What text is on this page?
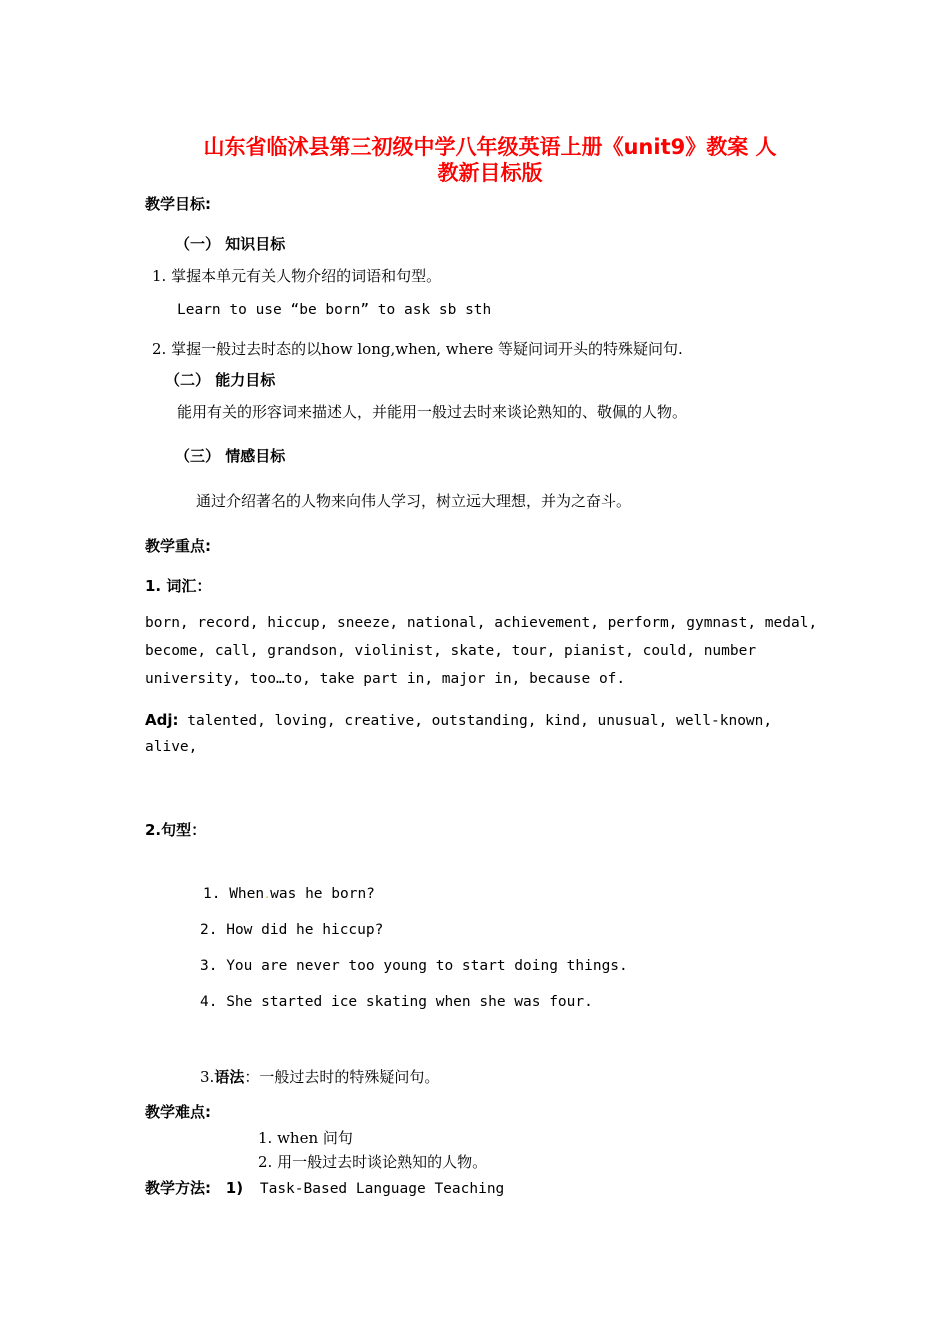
山东省临沭县第三初级中学八年级英语上册《unit9》教案 人
教新目标版
教学目标:
（一） 知识目标
1. 掌握本单元有关人物介绍的词语和句型。
Learn to use “be born” to ask sb sth
2. 掌握一般过去时态的以how long,when, where 等疑问词开头的特殊疑问句.
（二） 能力目标
能用有关的形容词来描述人，并能用一般过去时来谈论熟知的、敬佩的人物。
（三） 情感目标
通过介绍著名的人物来向伟人学习，树立远大理想，并为之奋斗。
教学重点:
1. 词汇：
born, record, hiccup, sneeze, national, achievement, perform, gymnast, medal,
become, call, grandson, violinist, skate, tour, pianist, could, number
university, too…to, take part in, major in, because of.
Adj: talented, loving, creative, outstanding, kind, unusual, well-known,
alive,
2.句型：
1. When.was he born?
2. How did he hiccup?
3. You are never too young to start doing things.
4. She started ice skating when she was four.
3.语法：一般过去时的特殊疑问句。
教学难点:
1. when 问句
2. 用一般过去时谈论熟知的人物。
教学方法: 1) Task-Based Language Teaching
